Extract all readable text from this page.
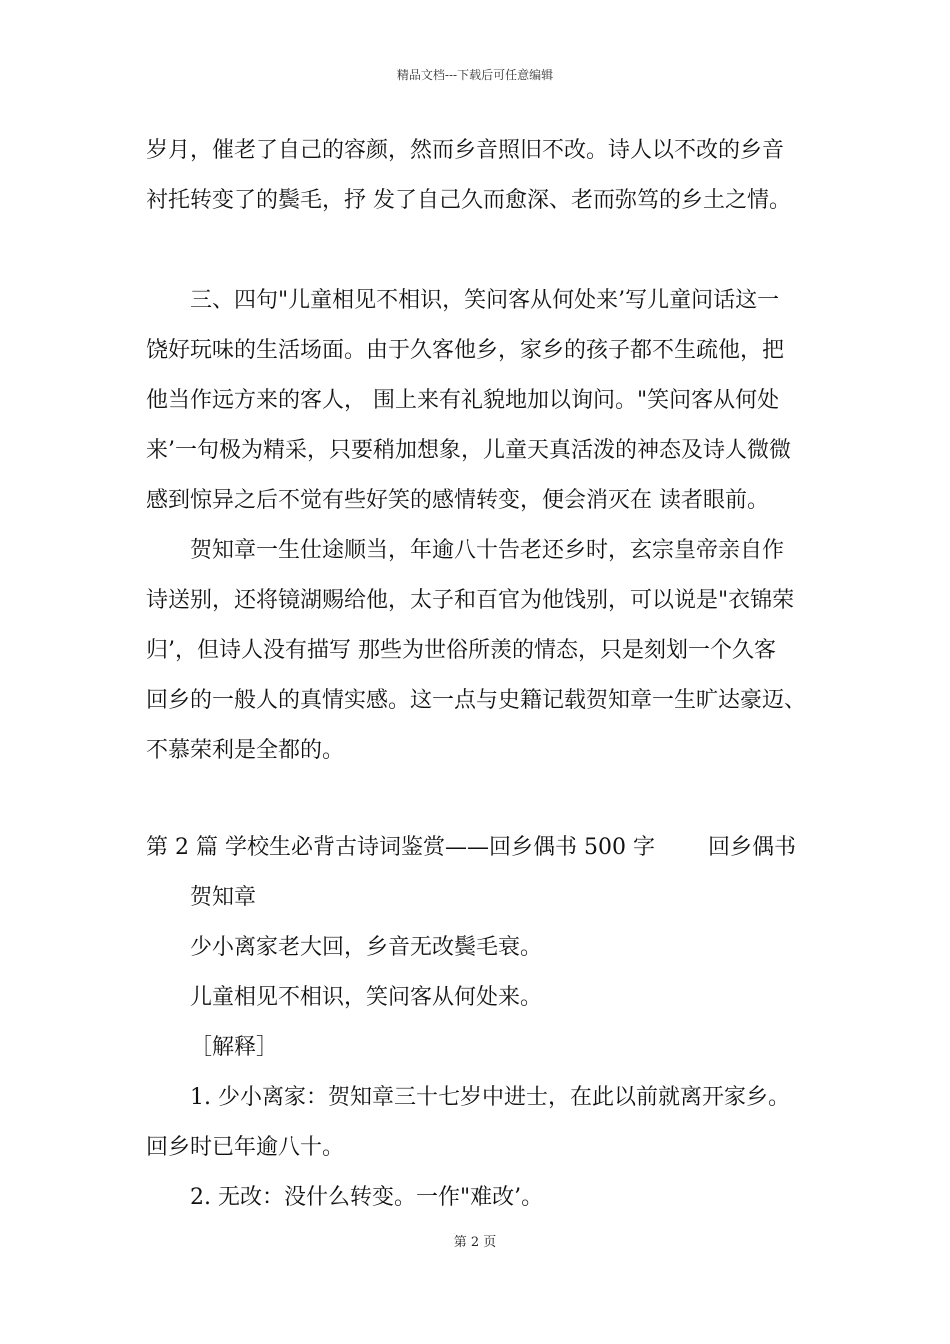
精品文档---下载后可任意编辑
岁月，催老了自己的容颜，然而乡音照旧不改。诗人以不改的乡音
衬托转变了的鬓毛，抒 发了自己久而愈深、老而弥笃的乡土之情。
三、四句"儿童相见不相识，笑问客从何处来’写儿童问话这一
饶好玩味的生活场面。由于久客他乡，家乡的孩子都不生疏他，把
他当作远方来的客人， 围上来有礼貌地加以询问。"笑问客从何处
来’一句极为精采，只要稍加想象，儿童天真活泼的神态及诗人微微
感到惊异之后不觉有些好笑的感情转变，便会消灭在 读者眼前。
贺知章一生仕途顺当，年逾八十告老还乡时，玄宗皇帝亲自作
诗送别，还将镜湖赐给他，太子和百官为他饯别，可以说是"衣锦荣
归’，但诗人没有描写 那些为世俗所羡的情态，只是刻划一个久客
回乡的一般人的真情实感。这一点与史籍记载贺知章一生旷达豪迈、
不慕荣利是全都的。
第 2 篇 学校生必背古诗词鉴赏——回乡偶书 500 字	回乡偶书
贺知章
少小离家老大回，乡音无改鬓毛衰。
儿童相见不相识，笑问客从何处来。
［解释］
1. 少小离家：贺知章三十七岁中进士，在此以前就离开家乡。
回乡时已年逾八十。
2. 无改：没什么转变。一作"难改’。
第 2 页
